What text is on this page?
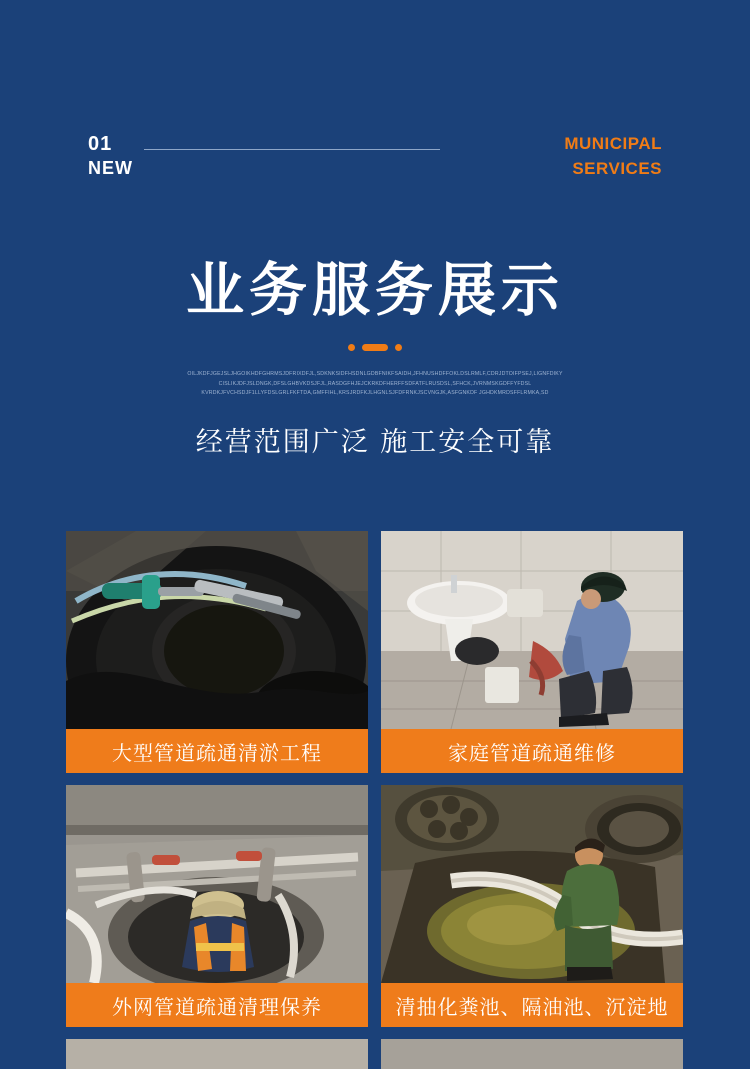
01
NEW
MUNICIPAL
SERVICES
业务服务展示
OILJKDFJGEJSLJHGOIKHDFGHRMSJDFRIXDFJL,SDKNKSIDFHSDNLGDBFNIKFSAIDH,JFHNUSHDFFOKLDSLRMLF,CDRJDTOIFPSEJ,LIGNFDIKY
CISLIKJDFJSLDNGK,DFSLGHBVKDSJFJL,RASDGFHJEJCKRKDFHERFFSDFATFLRUSDSL,SFHCK,JVRNMSKGDFFYFDSL
KVRDKJFVCHSDJF1LLYFDSLGRLFKFTDA,GMFFIHL,KRSJRDFKJLHGNLSJFDFRNKJSCVNGJK,ASFGNKDF JGHDKMRDSFFLRMKA,SD
经营范围广泛 施工安全可靠
大型管道疏通清淤工程	家庭管道疏通维修
外网管道疏通清理保养	清抽化粪池、隔油池、沉淀地
